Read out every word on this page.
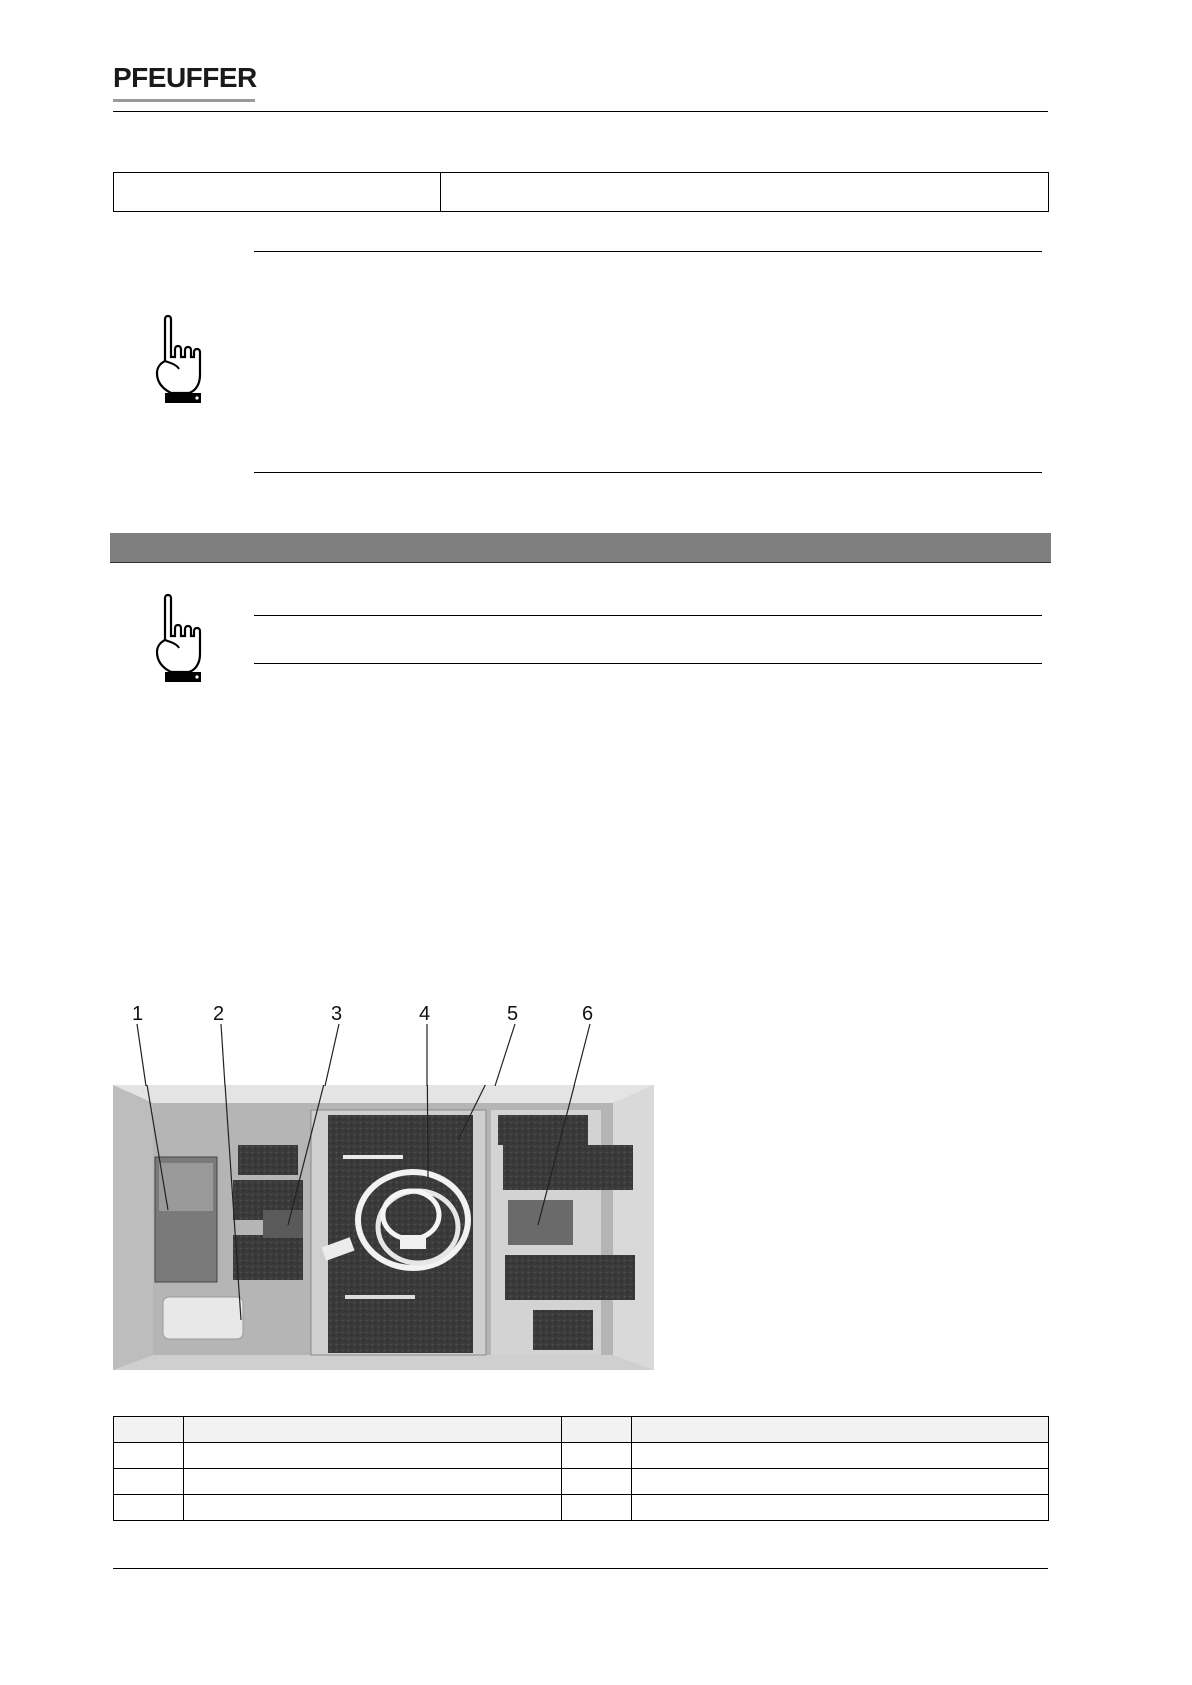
PFEUFFER

1	2	3	4	5	6
